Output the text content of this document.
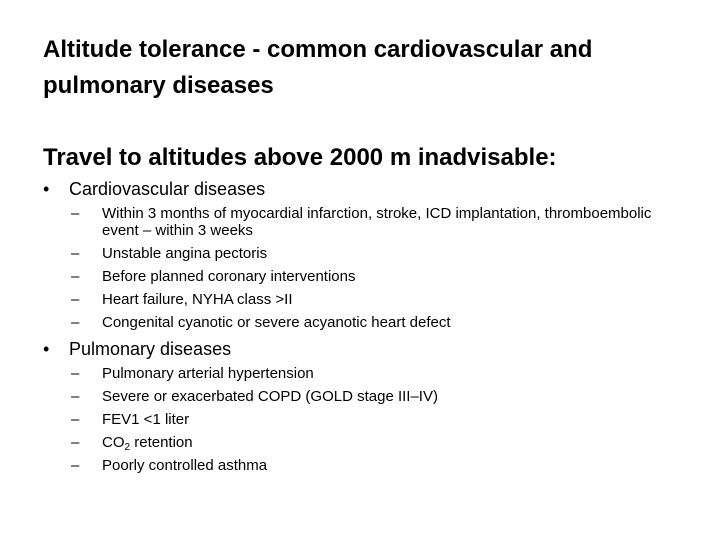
Altitude tolerance - common cardiovascular and pulmonary diseases
Travel to altitudes above 2000 m inadvisable:
•	Cardiovascular diseases
–	Within 3 months of myocardial infarction, stroke, ICD implantation, thromboembolic event – within 3 weeks
–	Unstable angina pectoris
–	Before planned coronary interventions
–	Heart failure, NYHA class >II
–	Congenital cyanotic or severe acyanotic heart defect
•	Pulmonary diseases
–	Pulmonary arterial hypertension
–	Severe or exacerbated COPD (GOLD stage III–IV)
–	FEV1 <1 liter
–	$CO_2$ retention
–	Poorly controlled asthma
